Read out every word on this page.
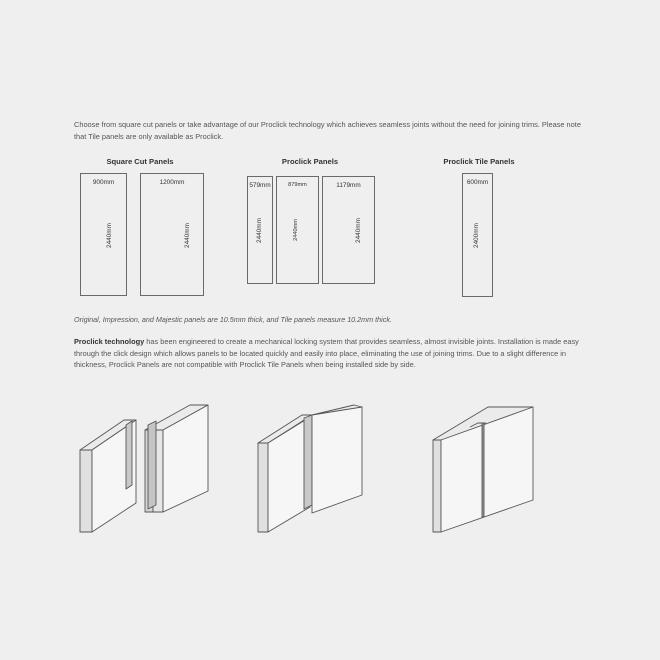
Choose from square cut panels or take advantage of our Proclick technology which achieves seamless joints without the need for joining trims. Please note that Tile panels are only available as Proclick.
Square Cut Panels
900mm
2440mm
1200mm
2440mm
Proclick Panels
579mm
2440mm
879mm
2440mm
1179mm
2440mm
Proclick Tile Panels
600mm
2400mm
Original, Impression, and Majestic panels are 10.5mm thick, and Tile panels measure 10.2mm thick.
Proclick technology has been engineered to create a mechanical locking system that provides seamless, almost invisible joints. Installation is made easy through the click design which allows panels to be located quickly and easily into place, eliminating the use of joining trims. Due to a slight difference in thickness, Proclick Panels are not compatible with Proclick Tile Panels when being installed side by side.
